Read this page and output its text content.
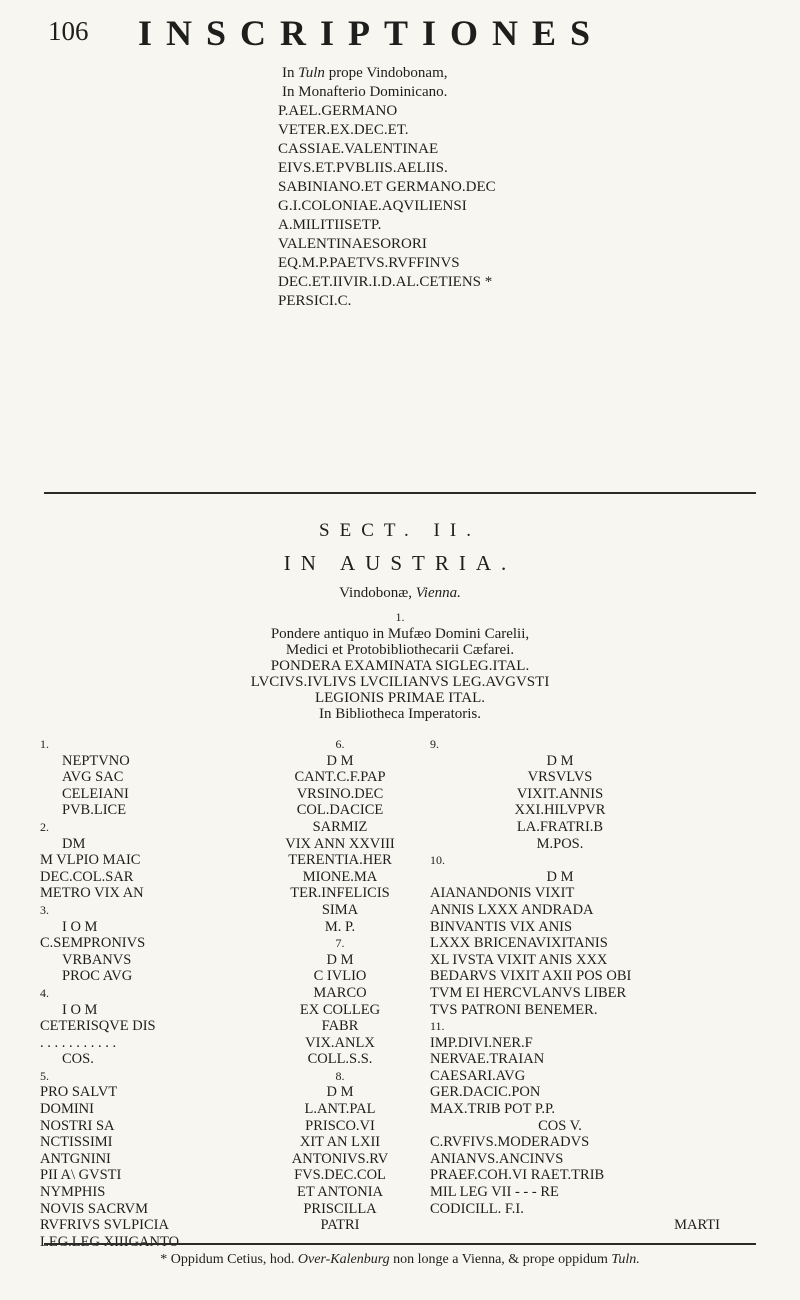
106 INSCRIPTIONES
In Tuln prope Vindobonam,
In Monafterio Dominicano.
P.AEL.GERMANO
VETER.EX.DEC.ET.
CASSIAE.VALENTINAE
EIVS.ET.PVBLIIS.AELIIS.
SABINIANO.ET GERMANO.DEC
G.I.COLONIAE.AQVILIENSI
A.MILITIISETP.
VALENTINAESORORI
EQ.M.P.PAETVS.RVFFINVS
DEC.ET.IIVIR.I.D.AL.CETIENS *
PERSICI.C.
SECT. II.
IN AUSTRIA.
Vindobonæ, Vienna.
1.
Pondere antiquo in Mufæo Domini Carelii,
Medici et Protobibliothecarii Cæfarei.
PONDERA EXAMINATA SIGLEG.ITAL.
LVCIVS.IVLIVS LVCILIANVS LEG.AVGVSTI
LEGIONIS PRIMAE ITAL.
In Bibliotheca Imperatoris.
1.
NEPTVNO
AVG SAC
CELEIANI
PVB.LICE
2.
DM
M VLPIO MAIC
DEC.COL.SAR
METRO VIX AN
3.
I O M
C.SEMPRONIVS
VRBANVS
PROC AVG
4.
I O M
CETERISQVE DIS
. . . . . . . . . . .
COS.
5.
PRO SALVT
DOMINI
NOSTRI SA
NCTISSIMI
ANTGNINI
PII A\ GVSTI
NYMPHIS
NOVIS SACRVM
RVFRIVS SVLPICIA
LEG.LEG XIIIGANTO
6.
D M
CANT.C.F.PAP
VRSINO.DEC
COL.DACICE
SARMIZ
VIX ANN XXVIII
TERENTIA.HER
MIONE.MA
TER.INFELICIS
SIMA
M. P.
7.
D M
C IVLIO
MARCO
EX COLLEG
FABR
VIX.ANLX
COLL.S.S.
8.
D M
L.ANT.PAL
PRISCO.VI
XIT AN LXII
ANTONIVS.RV
FVS.DEC.COL
ET ANTONIA
PRISCILLA
PATRI
9.
D M
VRSVLVS
VIXIT.ANNIS
XXI.HILVPVR
LA.FRATRI.B
M.POS.
10.
D M
AIANANDONIS VIXIT
ANNIS LXXX ANDRADA
BINVANTIS VIX ANIS
LXXX BRICENAVIXITANIS
XL IVSTA VIXIT ANIS XXX
BEDARVS VIXIT AXII POS OBI
TVM EI HERCVLANVS LIBER
TVS PATRONI BENEMER.
11.
IMP.DIVI.NER.F
NERVAE.TRAIAN
CAESARI.AVG
GER.DACIC.PON
MAX.TRIB POT P.P.
COS V.
C.RVFIVS.MODERADVS
ANIANVS.ANCINVS
PRAEF.COH.VI RAET.TRIB
MIL LEG VII - - - RE
CODICILL. F.I.
MARTI
* Oppidum Cetius, hod. Over-Kalenburg non longe a Vienna, & prope oppidum Tuln.
